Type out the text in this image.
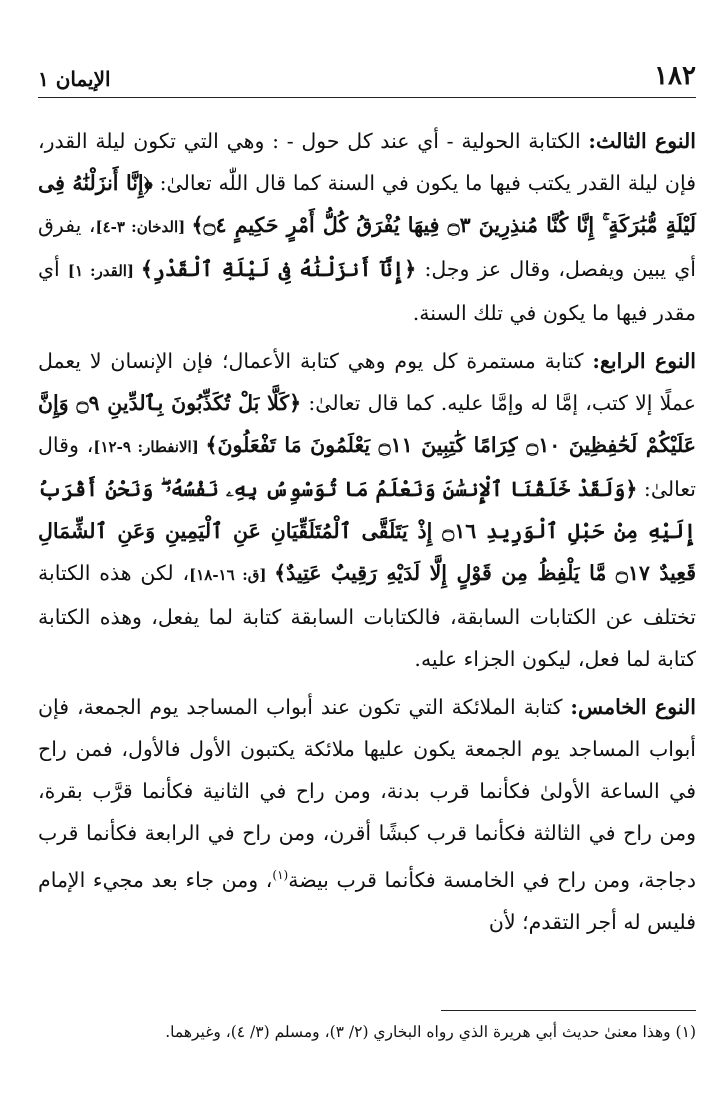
١٨٢
الإيمان ١

النوع الثالث: الكتابة الحولية - أي عند كل حول - : وهي التي تكون ليلة القدر، فإن ليلة القدر يكتب فيها ما يكون في السنة كما قال اللّٰه تعالىٰ: ﴿إِنَّا أَنزَلْنَٰهُ فِى لَيْلَةٍ مُّبَٰرَكَةٍ ۚ إِنَّا كُنَّا مُنذِرِينَ ۝٣ فِيهَا يُفْرَقُ كُلُّ أَمْرٍ حَكِيمٍ ۝٤﴾ [الدخان: ٣-٤]، يفرق أي يبين ويفصل، وقال عز وجل: ﴿إِنَّآ أَنزَلْنَٰهُ فِى لَيْلَةِ ٱلْقَدْرِ﴾ [القدر: ١] أي مقدر فيها ما يكون في تلك السنة.

النوع الرابع: كتابة مستمرة كل يوم وهي كتابة الأعمال؛ فإن الإنسان لا يعمل عملًا إلا كتب، إمَّا له وإمَّا عليه. كما قال تعالىٰ: ﴿كَلَّا بَلْ تُكَذِّبُونَ بِٱلدِّينِ ۝٩ وَإِنَّ عَلَيْكُمْ لَحَٰفِظِينَ ۝١٠ كِرَامًا كَٰتِبِينَ ۝١١ يَعْلَمُونَ مَا تَفْعَلُونَ﴾ [الانفطار: ٩-١٢]، وقال تعالىٰ: ﴿وَلَقَدْ خَلَقْنَا ٱلْإِنسَٰنَ وَنَعْلَمُ مَا تُوَسْوِسُ بِهِۦ نَفْسُهُۥ ۖ وَنَحْنُ أَقْرَبُ إِلَيْهِ مِنْ حَبْلِ ٱلْوَرِيدِ ۝١٦ إِذْ يَتَلَقَّى ٱلْمُتَلَقِّيَانِ عَنِ ٱلْيَمِينِ وَعَنِ ٱلشِّمَالِ قَعِيدٌ ۝١٧ مَّا يَلْفِظُ مِن قَوْلٍ إِلَّا لَدَيْهِ رَقِيبٌ عَتِيدٌ﴾ [ق: ١٦-١٨]، لكن هذه الكتابة تختلف عن الكتابات السابقة، فالكتابات السابقة كتابة لما يفعل، وهذه الكتابة كتابة لما فعل، ليكون الجزاء عليه.

النوع الخامس: كتابة الملائكة التي تكون عند أبواب المساجد يوم الجمعة، فإن أبواب المساجد يوم الجمعة يكون عليها ملائكة يكتبون الأول فالأول، فمن راح في الساعة الأولىٰ فكأنما قرب بدنة، ومن راح في الثانية فكأنما قرَّب بقرة، ومن راح في الثالثة فكأنما قرب كبشًا أقرن، ومن راح في الرابعة فكأنما قرب دجاجة، ومن راح في الخامسة فكأنما قرب بيضة$^{(١)}$، ومن جاء بعد مجيء الإمام فليس له أجر التقدم؛ لأن

(١) وهذا معنىٰ حديث أبي هريرة الذي رواه البخاري (٢/ ٣)، ومسلم (٣/ ٤)، وغيرهما.
